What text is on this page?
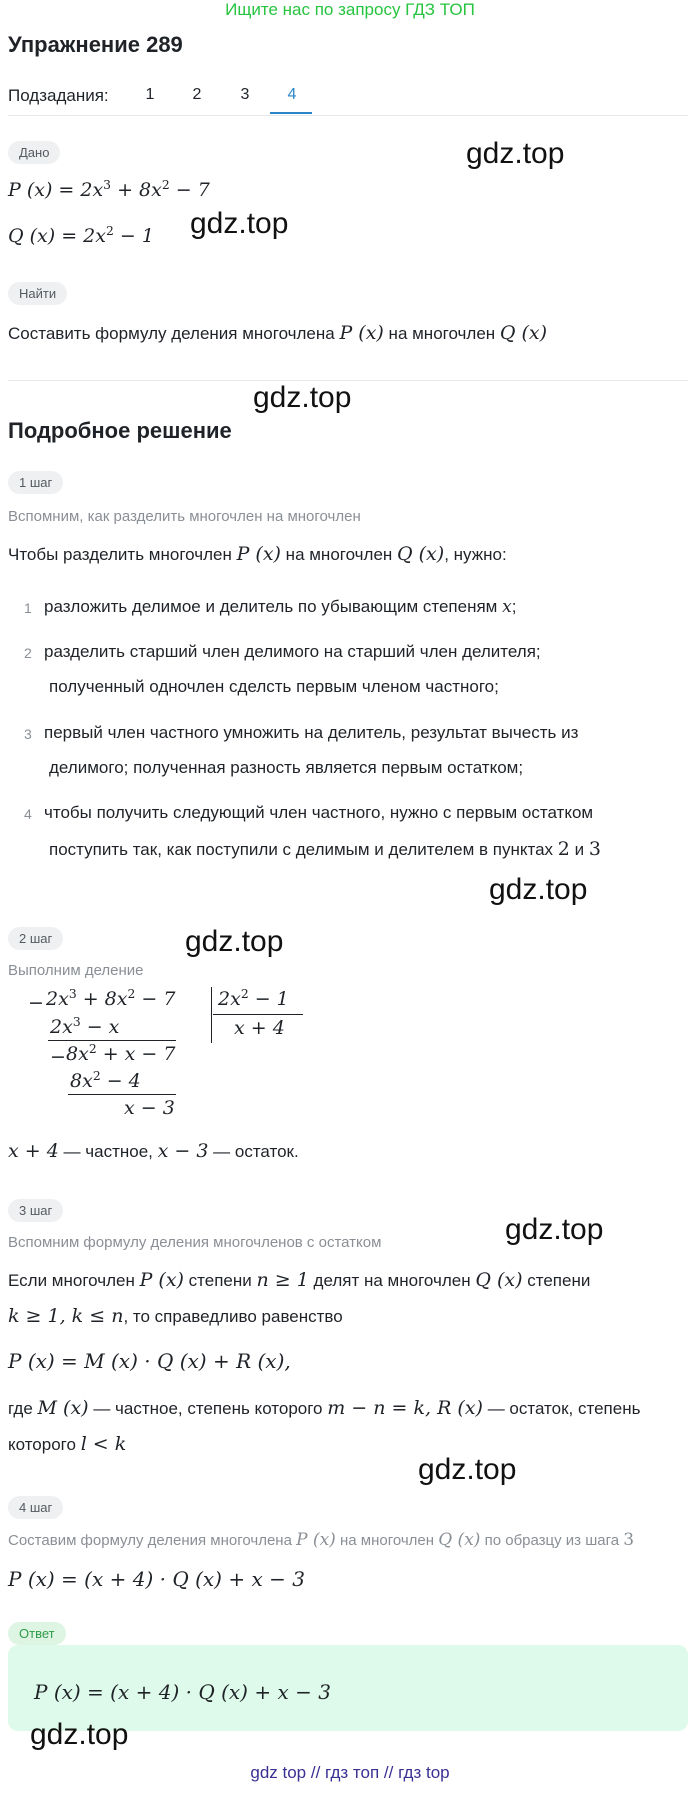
Ищите нас по запросу ГДЗ ТОП
Упражнение 289
Подзадания:	1	2	3	4
Дано
P $(x) = 2x^3 + 8x^2 - 7$
Q $(x) = 2x^2 - 1$
Найти
Составить формулу деления многочлена P (x) на многочлен Q (x)
Подробное решение
1 шаг
Вспомним, как разделить многочлен на многочлен
Чтобы разделить многочлен P (x) на многочлен Q (x), нужно:
1 разложить делимое и делитель по убывающим степеням x;
2 разделить старший член делимого на старший член делителя;
полученный одночлен сделсть первым членом частного;
3 первый член частного умножить на делитель, результат вычесть из
делимого; полученная разность является первым остатком;
4 чтобы получить следующий член частного, нужно с первым остатком
поступить так, как поступили с делимым и делителем в пунктах 2 и 3
2 шаг
Выполним деление
− $2x^3 + 8x^2 - 7$
$2x^3 - x$
− $8x^2 + x - 7$
$8x^2 - 4$
x − 3
$2x^2 - 1$
x + 4
x + 4 — частное, x − 3 — остаток.
3 шаг
Вспомним формулу деления многочленов с остатком
Если многочлен P (x) степени n ≥ 1 делят на многочлен Q (x) степени
k ≥ 1, k ≤ n, то справедливо равенство
P (x) = M (x) · Q (x) + R (x),
где M (x) — частное, степень которого m − n = k, R (x) — остаток, степень
которого l < k
4 шаг
Составим формулу деления многочлена P (x) на многочлен Q (x) по образцу из шага 3
P (x) = (x + 4) · Q (x) + x − 3
Ответ
P (x) = (x + 4) · Q (x) + x − 3
gdz.top
gdz.top
gdz.top
gdz.top
gdz.top
gdz.top
gdz.top
gdz.top
gdz top // гдз топ // гдз top
